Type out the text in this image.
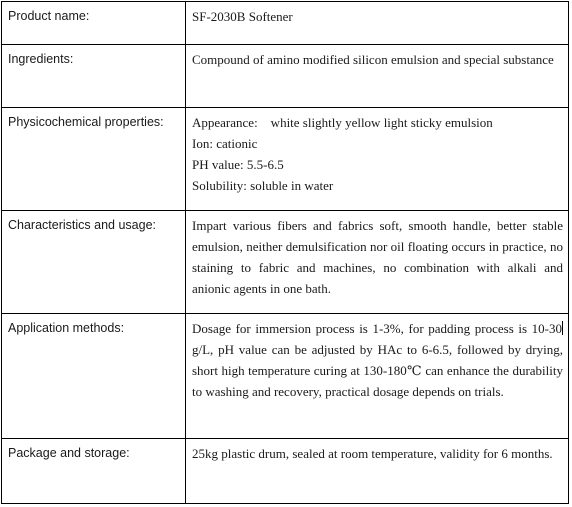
Product name:	SF-2030B Softener

Ingredients:	Compound of amino modified silicon emulsion and special substance

Physicochemical properties:	Appearance:    white slightly yellow light sticky emulsion
Ion: cationic
PH value: 5.5-6.5
Solubility: soluble in water

Characteristics and usage:	Impart various fibers and fabrics soft, smooth handle, better stable emulsion, neither demulsification nor oil floating occurs in practice, no staining to fabric and machines, no combination with alkali and anionic agents in one bath.

Application methods:	Dosage for immersion process is 1-3%, for padding process is 10-30g/L, pH value can be adjusted by HAc to 6-6.5, followed by drying, short high temperature curing at 130-180℃ can enhance the durability to washing and recovery, practical dosage depends on trials.

Package and storage:	25kg plastic drum, sealed at room temperature, validity for 6 months.
